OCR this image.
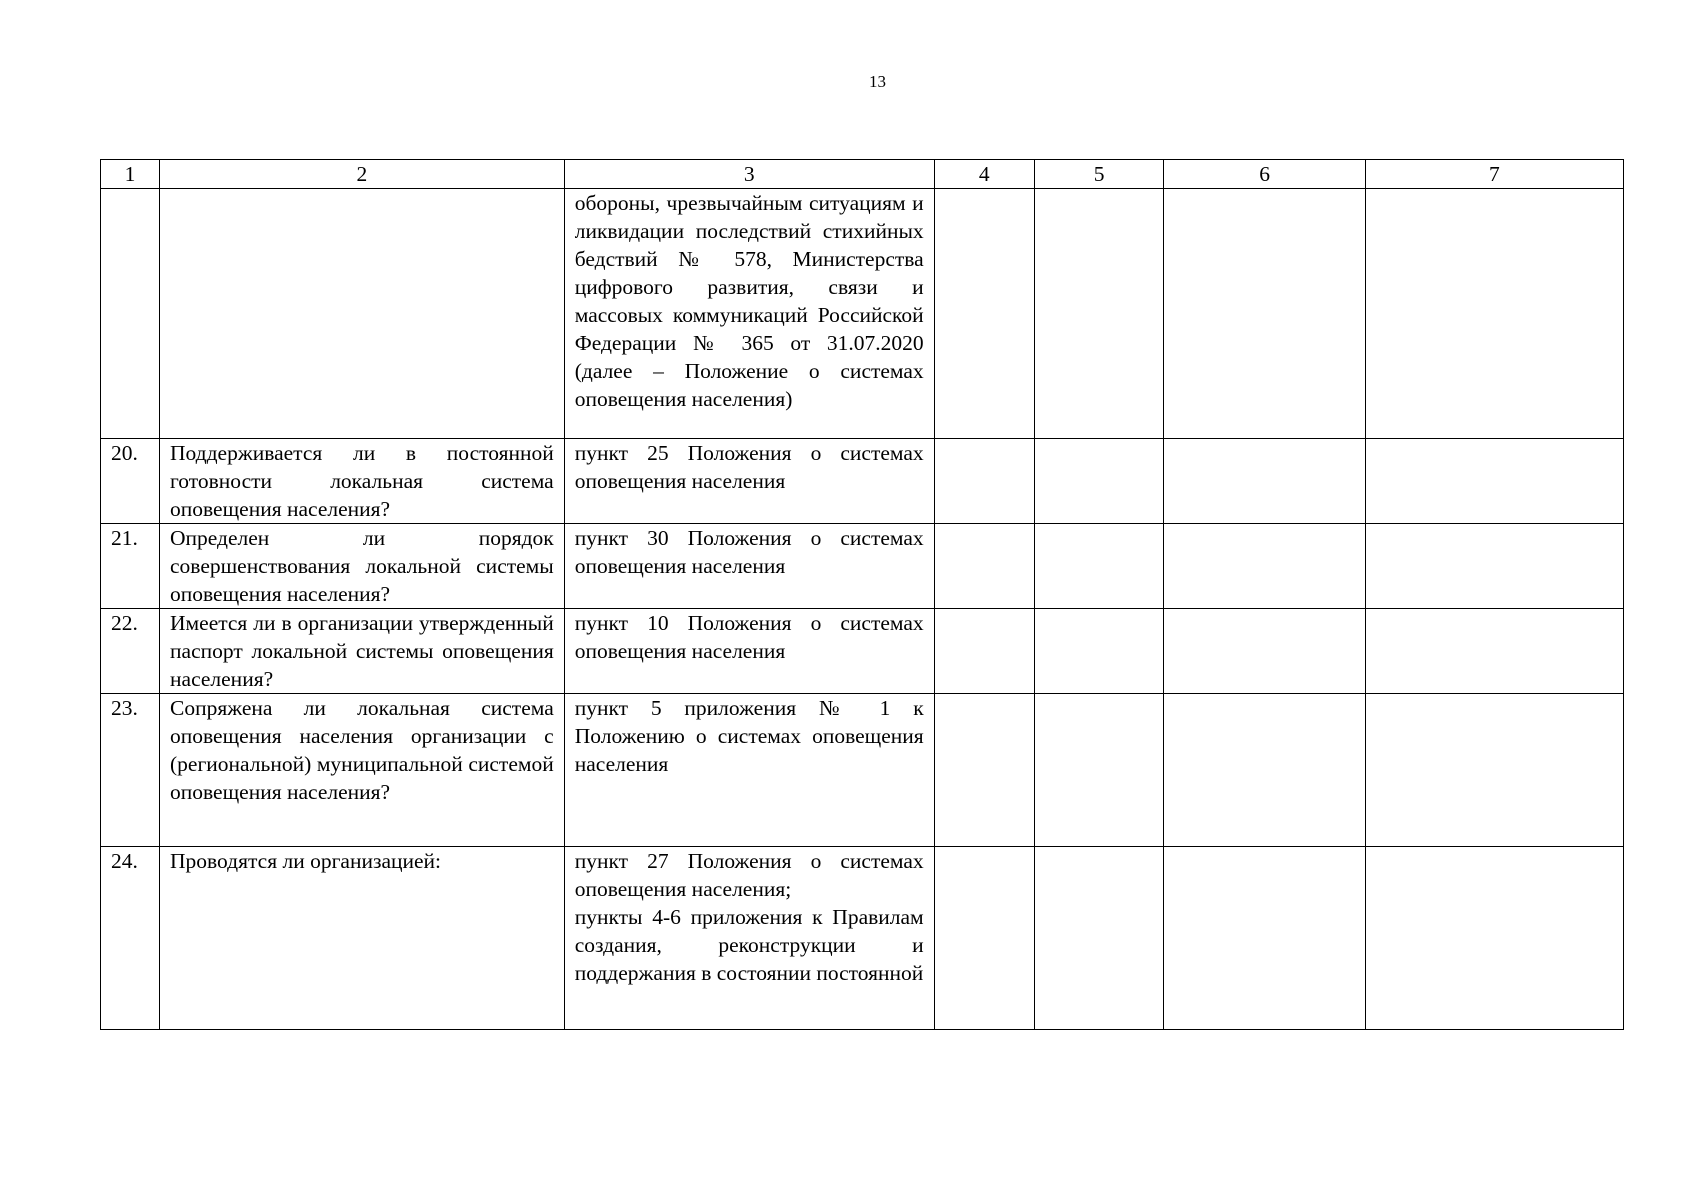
13
1	2	3	4	5	6	7

		обороны, чрезвычайным ситуациям и ликвидации последствий стихийных бедствий № 578, Министерства цифрового развития, связи и массовых коммуникаций Российской Федерации № 365 от 31.07.2020 (далее – Положение о системах оповещения населения)				

20.	Поддерживается ли в постоянной готовности локальная система оповещения населения?	пункт 25 Положения о системах оповещения населения				

21.	Определен ли порядок совершенствования локальной системы оповещения населения?	пункт 30 Положения о системах оповещения населения				

22.	Имеется ли в организации утвержденный паспорт локальной системы оповещения населения?	пункт 10 Положения о системах оповещения населения				

23.	Сопряжена ли локальная система оповещения населения организации с (региональной) муниципальной системой оповещения населения?	пункт 5 приложения № 1 к Положению о системах оповещения населения				

24.	Проводятся ли организацией:	пункт 27 Положения о системах оповещения населения;
пункты 4-6 приложения к Правилам создания, реконструкции и поддержания в состоянии постоянной				
